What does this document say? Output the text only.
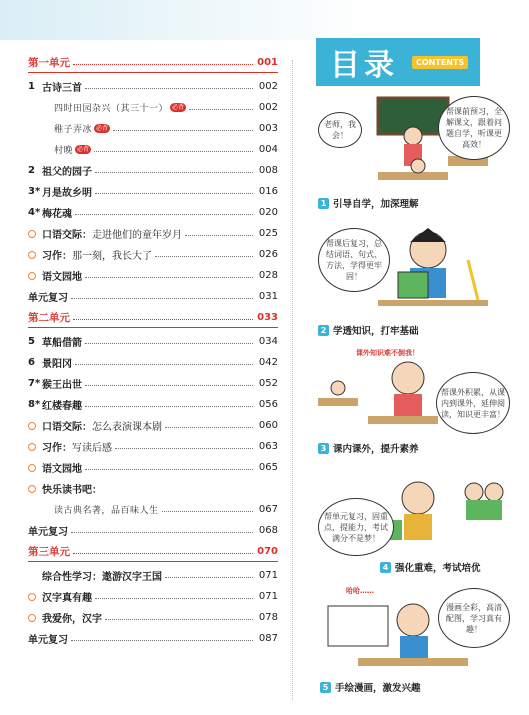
第一单元	001
1 古诗三首	002
四时田园杂兴（其三十一） 必背	002
稚子弄冰 必背	003
村晚 必背	004
2 祖父的园子	008
3* 月是故乡明	016
4* 梅花魂	020
口语交际： 走进他们的童年岁月	025
习作： 那一刻，我长大了	026
语文园地	028
单元复习	031
第二单元	033
5 草船借箭	034
6 景阳冈	042
7* 猴王出世	052
8* 红楼春趣	056
口语交际： 怎么表演课本剧	060
习作： 写读后感	063
语文园地	065
快乐读书吧：
读古典名著，品百味人生	067
单元复习	068
第三单元	070
综合性学习：遨游汉字王国	071
汉字真有趣	071
我爱你，汉字	078
单元复习	087
目录	CONTENTS
老师，我会！
帮课前预习，全解课文，跟着问题自学，听课更高效！
1 引导自学，加深理解
帮课后复习，总结词语、句式、方法，学得更牢固！
2 学透知识，打牢基础
课外知识难不倒我！
帮课外积累，从课内到课外，延伸阅读，知识更丰富！
3 课内课外，提升素养
帮单元复习，固重点，提能力，考试满分不是梦！
4 强化重难，考试培优
哈哈……
漫画全彩，高清配图，学习真有趣！
5 手绘漫画，激发兴趣
